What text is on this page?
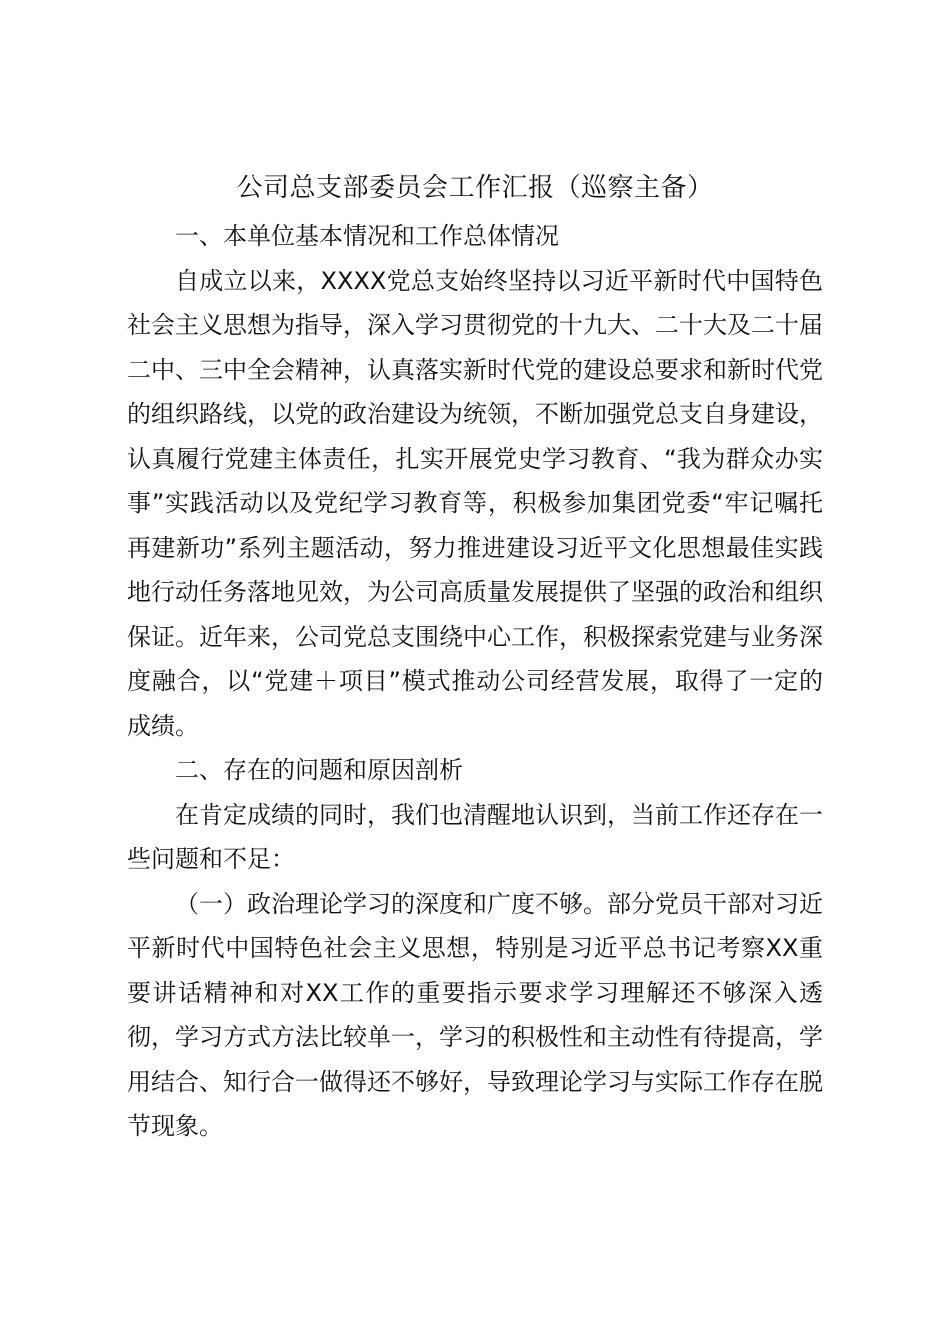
公司总支部委员会工作汇报（巡察主备）

一、本单位基本情况和工作总体情况

自成立以来，XXXX党总支始终坚持以习近平新时代中国特色社会主义思想为指导，深入学习贯彻党的十九大、二十大及二十届二中、三中全会精神，认真落实新时代党的建设总要求和新时代党的组织路线，以党的政治建设为统领，不断加强党总支自身建设，认真履行党建主体责任，扎实开展党史学习教育、“我为群众办实事”实践活动以及党纪学习教育等，积极参加集团党委“牢记嘱托再建新功”系列主题活动，努力推进建设习近平文化思想最佳实践地行动任务落地见效，为公司高质量发展提供了坚强的政治和组织保证。近年来，公司党总支围绕中心工作，积极探索党建与业务深度融合，以“党建＋项目”模式推动公司经营发展，取得了一定的成绩。

二、存在的问题和原因剖析

在肯定成绩的同时，我们也清醒地认识到，当前工作还存在一些问题和不足：

（一）政治理论学习的深度和广度不够。部分党员干部对习近平新时代中国特色社会主义思想，特别是习近平总书记考察XX重要讲话精神和对XX工作的重要指示要求学习理解还不够深入透彻，学习方式方法比较单一，学习的积极性和主动性有待提高，学用结合、知行合一做得还不够好，导致理论学习与实际工作存在脱节现象。
